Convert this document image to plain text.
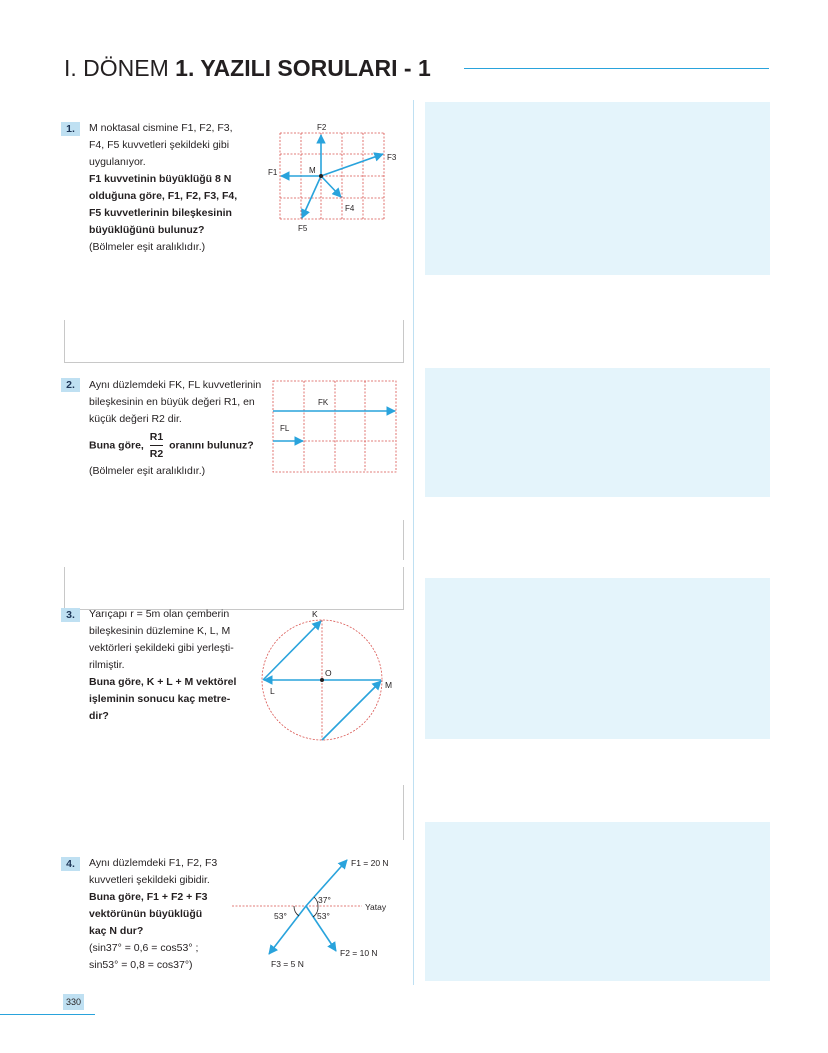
I. DÖNEM 1. YAZILI SORULARI - 1
1.	M noktasal cismine F1, F2, F3,
F4, F5 kuvvetleri şekildeki gibi
uygulanıyor.
F1 kuvvetinin büyüklüğü 8 N
olduğuna göre, F1, F2, F3, F4,
F5 kuvvetlerinin bileşkesinin
büyüklüğünü bulunuz?
(Bölmeler eşit aralıklıdır.)
F2
F3
F1	M
F4
F5
2.	Aynı düzlemdeki FK, FL kuvvetlerinin
bileşkesinin en büyük değeri R1, en
küçük değeri R2 dir.
Buna göre, $\frac{R1}{R2}$ oranını bulunuz?
(Bölmeler eşit aralıklıdır.)
FK
FL
3.	Yarıçapı r = 5m olan çemberin
bileşkesinin düzlemine K, L, M
vektörleri şekildeki gibi yerleşti-
rilmiştir.
Buna göre, K + L + M vektörel
işleminin sonucu kaç metre-
dir?
K
O
L
M
4.	Aynı düzlemdeki F1, F2, F3
kuvvetleri şekildeki gibidir.
Buna göre, F1 + F2 + F3
vektörünün büyüklüğü
kaç N dur?
(sin37° = 0,6 = cos53° ;
sin53° = 0,8 = cos37°)
F1 = 20 N
F2 = 10 N
F3 = 5 N
Yatay
37°
53°	53°
330
